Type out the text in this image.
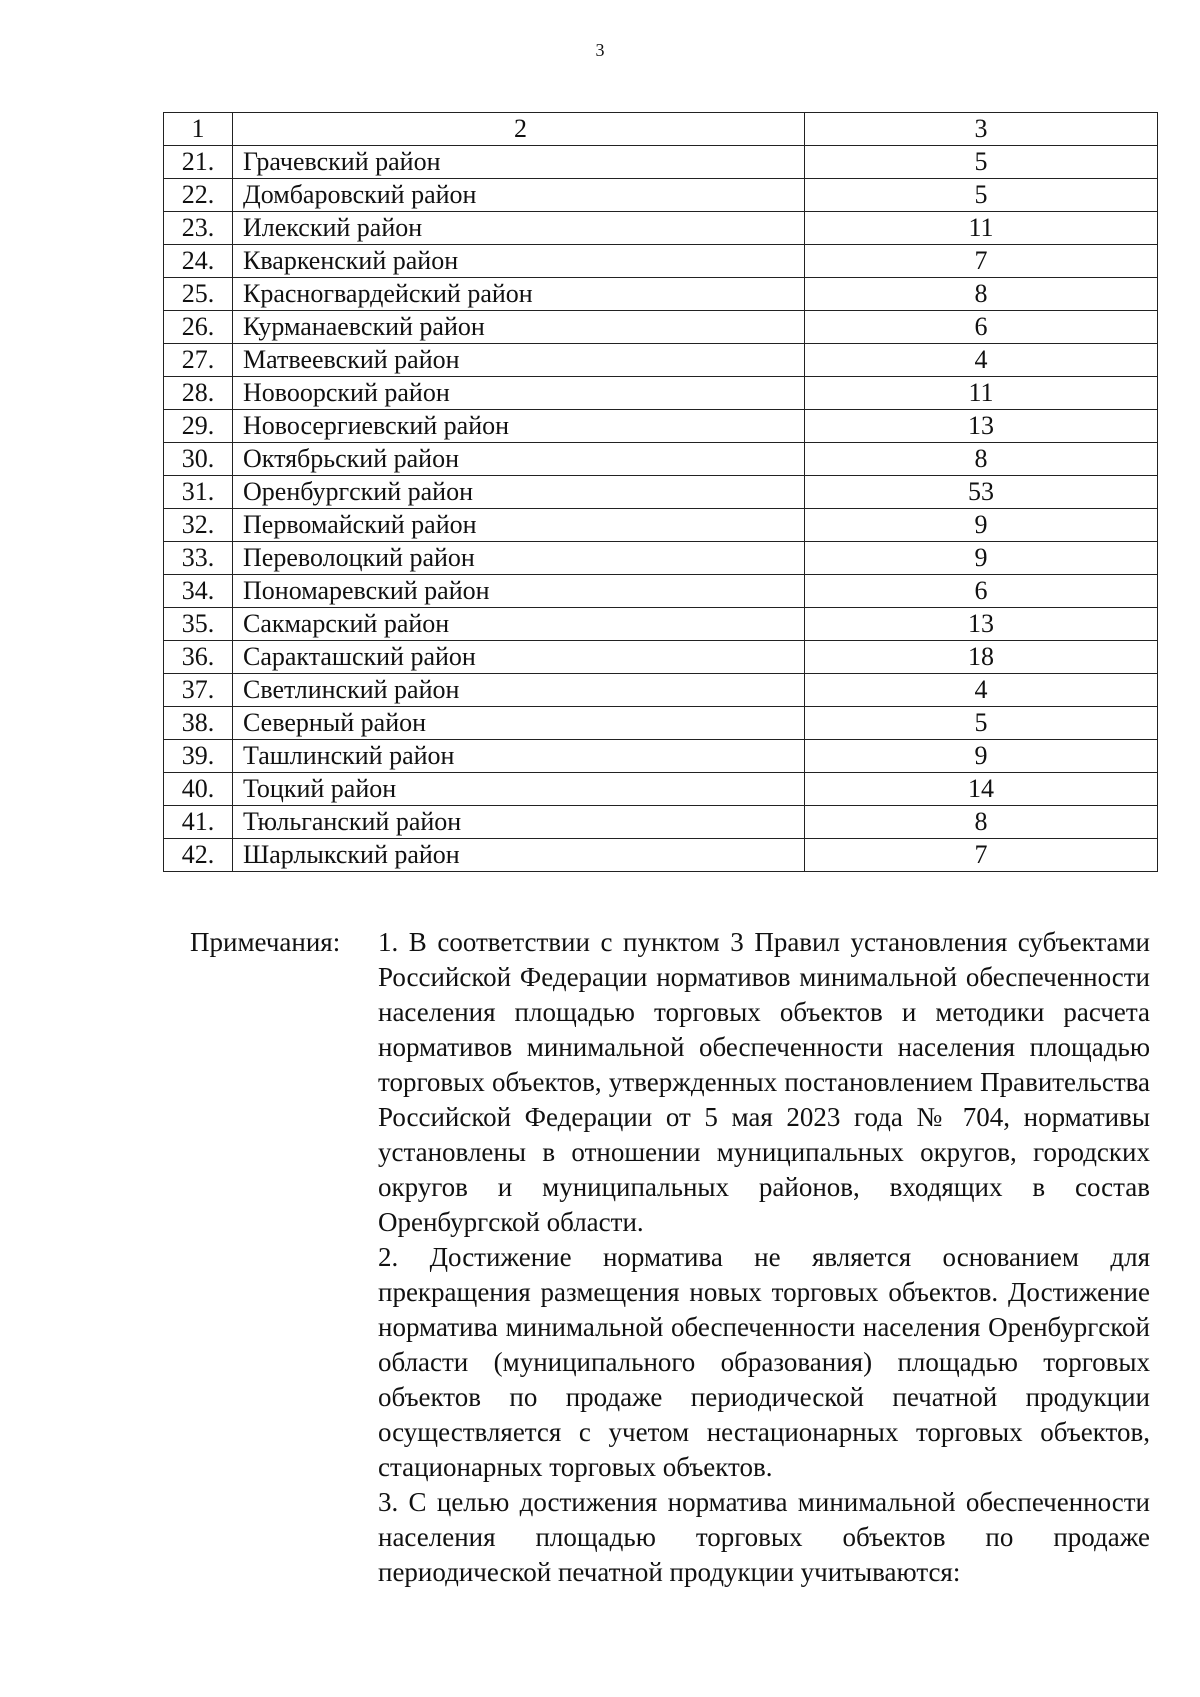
3
1	2	3
21.	Грачевский район	5
22.	Домбаровский район	5
23.	Илекский район	11
24.	Кваркенский район	7
25.	Красногвардейский район	8
26.	Курманаевский район	6
27.	Матвеевский район	4
28.	Новоорский район	11
29.	Новосергиевский район	13
30.	Октябрьский район	8
31.	Оренбургский район	53
32.	Первомайский район	9
33.	Переволоцкий район	9
34.	Пономаревский район	6
35.	Сакмарский район	13
36.	Саракташский район	18
37.	Светлинский район	4
38.	Северный район	5
39.	Ташлинский район	9
40.	Тоцкий район	14
41.	Тюльганский район	8
42.	Шарлыкский район	7
Примечания:	1. В соответствии с пунктом 3 Правил установления субъектами Российской Федерации нормативов минимальной обеспеченности населения площадью торговых объектов и методики расчета нормативов минимальной обеспеченности населения площадью торговых объектов, утвержденных постановлением Правительства Российской Федерации от 5 мая 2023 года № 704, нормативы установлены в отношении муниципальных округов, городских округов и муниципальных районов, входящих в состав Оренбургской области.

2. Достижение норматива не является основанием для прекращения размещения новых торговых объектов. Достижение норматива минимальной обеспеченности населения Оренбургской области (муниципального образования) площадью торговых объектов по продаже периодической печатной продукции осуществляется с учетом нестационарных торговых объектов, стационарных торговых объектов.

3. С целью достижения норматива минимальной обеспеченности населения площадью торговых объектов по продаже периодической печатной продукции учитываются:
